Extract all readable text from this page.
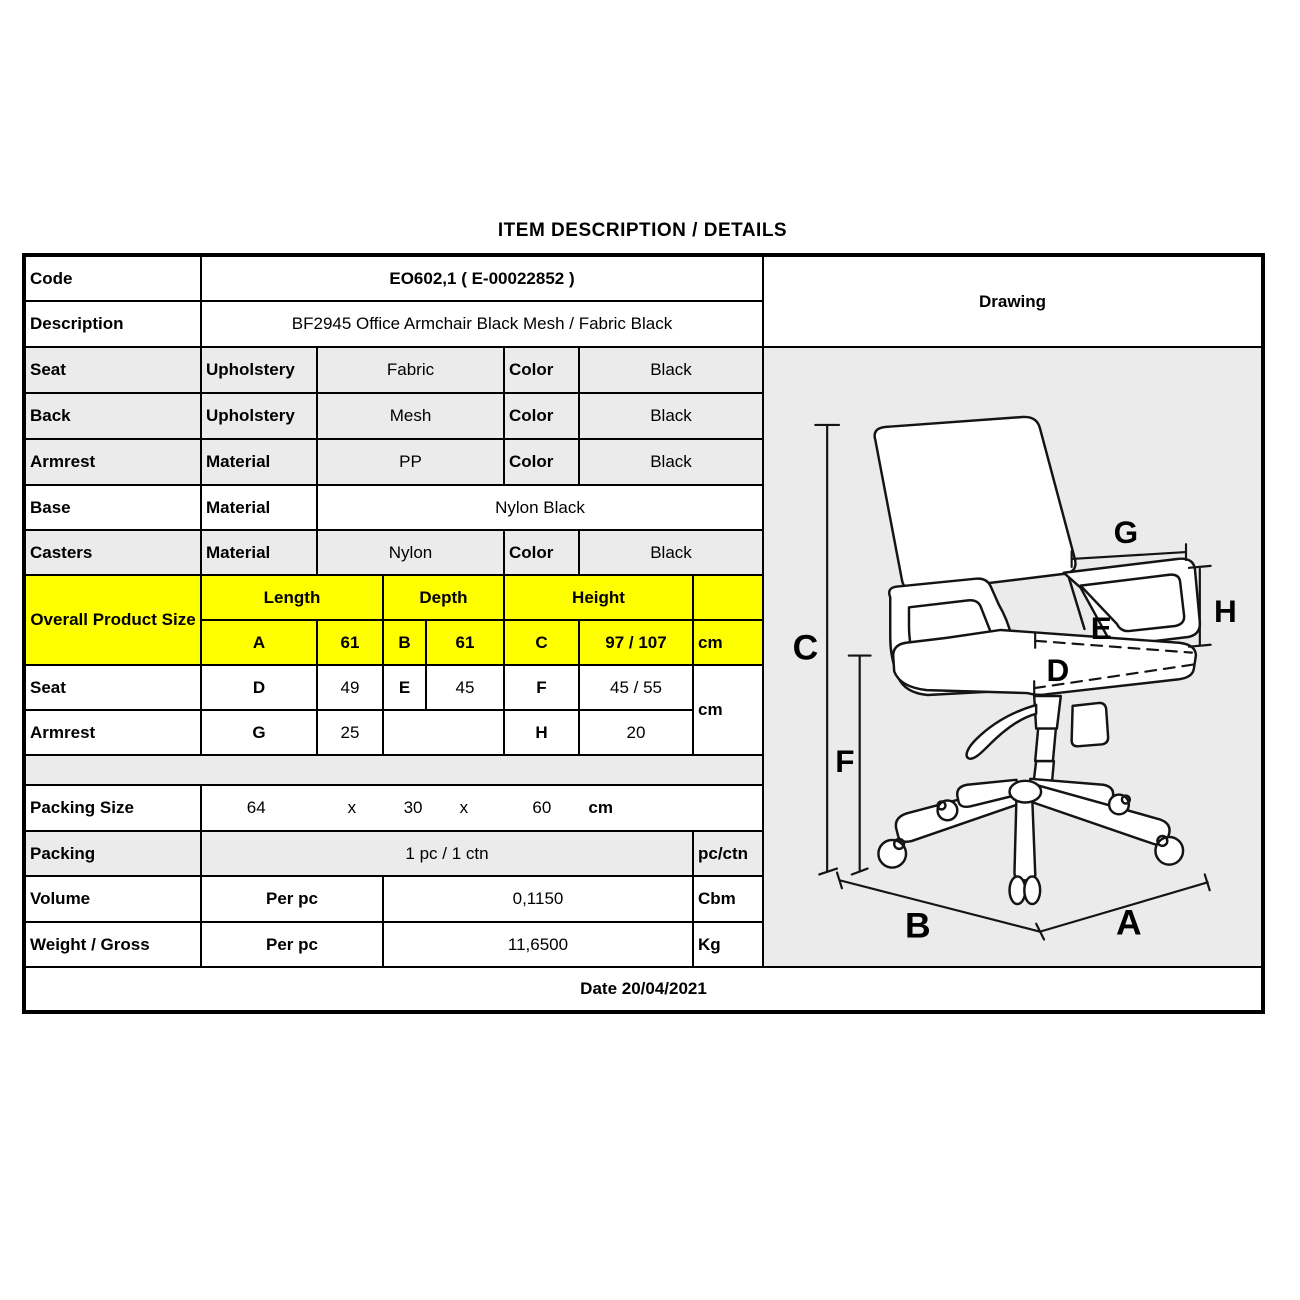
ITEM DESCRIPTION / DETAILS
Code	EO602,1 ( E-00022852 )							Drawing
Description	BF2945 Office Armchair Black Mesh / Fabric Black							
Seat	Upholstery	Fabric	Color	Black	
C
F
G
H
E
D
B	A

Back	Upholstery	Mesh			Color	Black		
Armrest	Material	PP			Color	Black		
Base	Material	Nylon Black						
Casters	Material	Nylon			Color	Black		
Overall Product Size	Length		Depth		Height			
	A	61	B	61	C	97 / 107	cm	
Seat	D	49	E	45	F	45 / 55	cm	
Armrest	G	25			H	20		

Packing Size	64	x	30 x	60 cm

Packing	1 pc / 1 ctn						pc/ctn	
Volume	Per pc		0,1150				Cbm	
Weight / Gross	Per pc		11,6500				Kg	
Date 20/04/2021								
